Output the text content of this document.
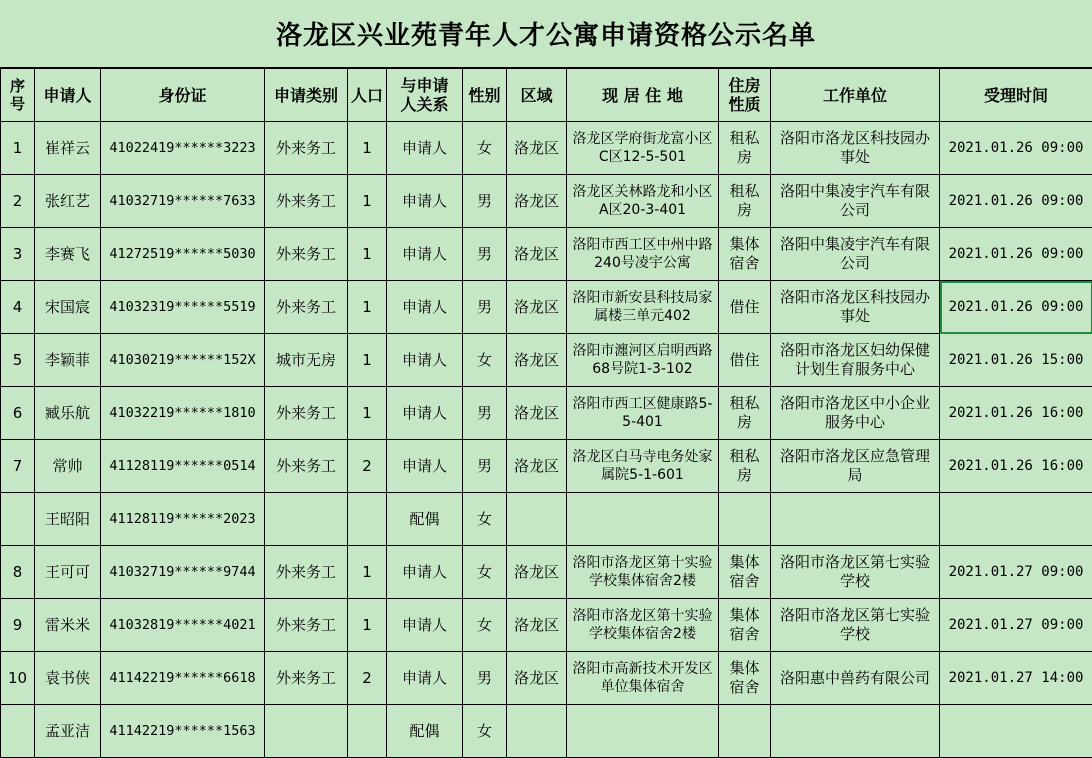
洛龙区兴业苑青年人才公寓申请资格公示名单
序号	申请人	身份证	申请类别	人口	与申请人关系	性别	区域	现 居 住 地	住房性质	工作单位	受理时间
1	崔祥云	41022419******3223	外来务工	1	申请人	女	洛龙区	洛龙区学府街龙富小区C区12-5-501	租私房	洛阳市洛龙区科技园办事处	2021.01.26 09:00
2	张红艺	41032719******7633	外来务工	1	申请人	男	洛龙区	洛龙区关林路龙和小区A区20-3-401	租私房	洛阳中集凌宇汽车有限公司	2021.01.26 09:00
3	李赛飞	41272519******5030	外来务工	1	申请人	男	洛龙区	洛阳市西工区中州中路240号凌宇公寓	集体宿舍	洛阳中集凌宇汽车有限公司	2021.01.26 09:00
4	宋国宸	41032319******5519	外来务工	1	申请人	男	洛龙区	洛阳市新安县科技局家属楼三单元402	借住	洛阳市洛龙区科技园办事处	2021.01.26 09:00
5	李颖菲	41030219******152X	城市无房	1	申请人	女	洛龙区	洛阳市瀍河区启明西路68号院1-3-102	借住	洛阳市洛龙区妇幼保健计划生育服务中心	2021.01.26 15:00
6	臧乐航	41032219******1810	外来务工	1	申请人	男	洛龙区	洛阳市西工区健康路5-5-401	租私房	洛阳市洛龙区中小企业服务中心	2021.01.26 16:00
7	常帅	41128119******0514	外来务工	2	申请人	男	洛龙区	洛龙区白马寺电务处家属院5-1-601	租私房	洛阳市洛龙区应急管理局	2021.01.26 16:00
	王昭阳	41128119******2023			配偶	女					
8	王可可	41032719******9744	外来务工	1	申请人	女	洛龙区	洛阳市洛龙区第十实验学校集体宿舍2楼	集体宿舍	洛阳市洛龙区第七实验学校	2021.01.27 09:00
9	雷米米	41032819******4021	外来务工	1	申请人	女	洛龙区	洛阳市洛龙区第十实验学校集体宿舍2楼	集体宿舍	洛阳市洛龙区第七实验学校	2021.01.27 09:00
10	袁书侠	41142219******6618	外来务工	2	申请人	男	洛龙区	洛阳市高新技术开发区单位集体宿舍	集体宿舍	洛阳惠中兽药有限公司	2021.01.27 14:00
	孟亚洁	41142219******1563			配偶	女					
